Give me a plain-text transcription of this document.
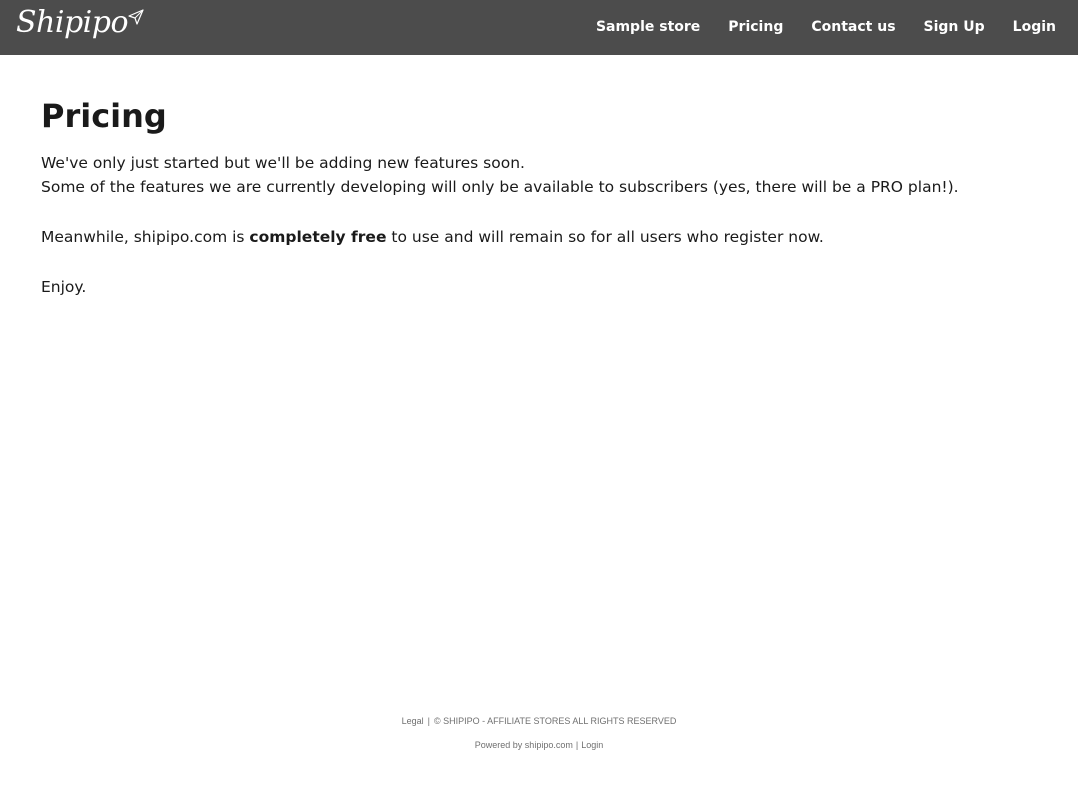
Shipipo	Sample store Pricing Contact us Sign Up Login
Pricing

We've only just started but we'll be adding new features soon.
Some of the features we are currently developing will only be available to subscribers (yes, there will be a PRO plan!).

Meanwhile, shipipo.com is completely free to use and will remain so for all users who register now.

Enjoy.

Legal | © SHIPIPO - AFFILIATE STORES ALL RIGHTS RESERVED
Powered by shipipo.com | Login
